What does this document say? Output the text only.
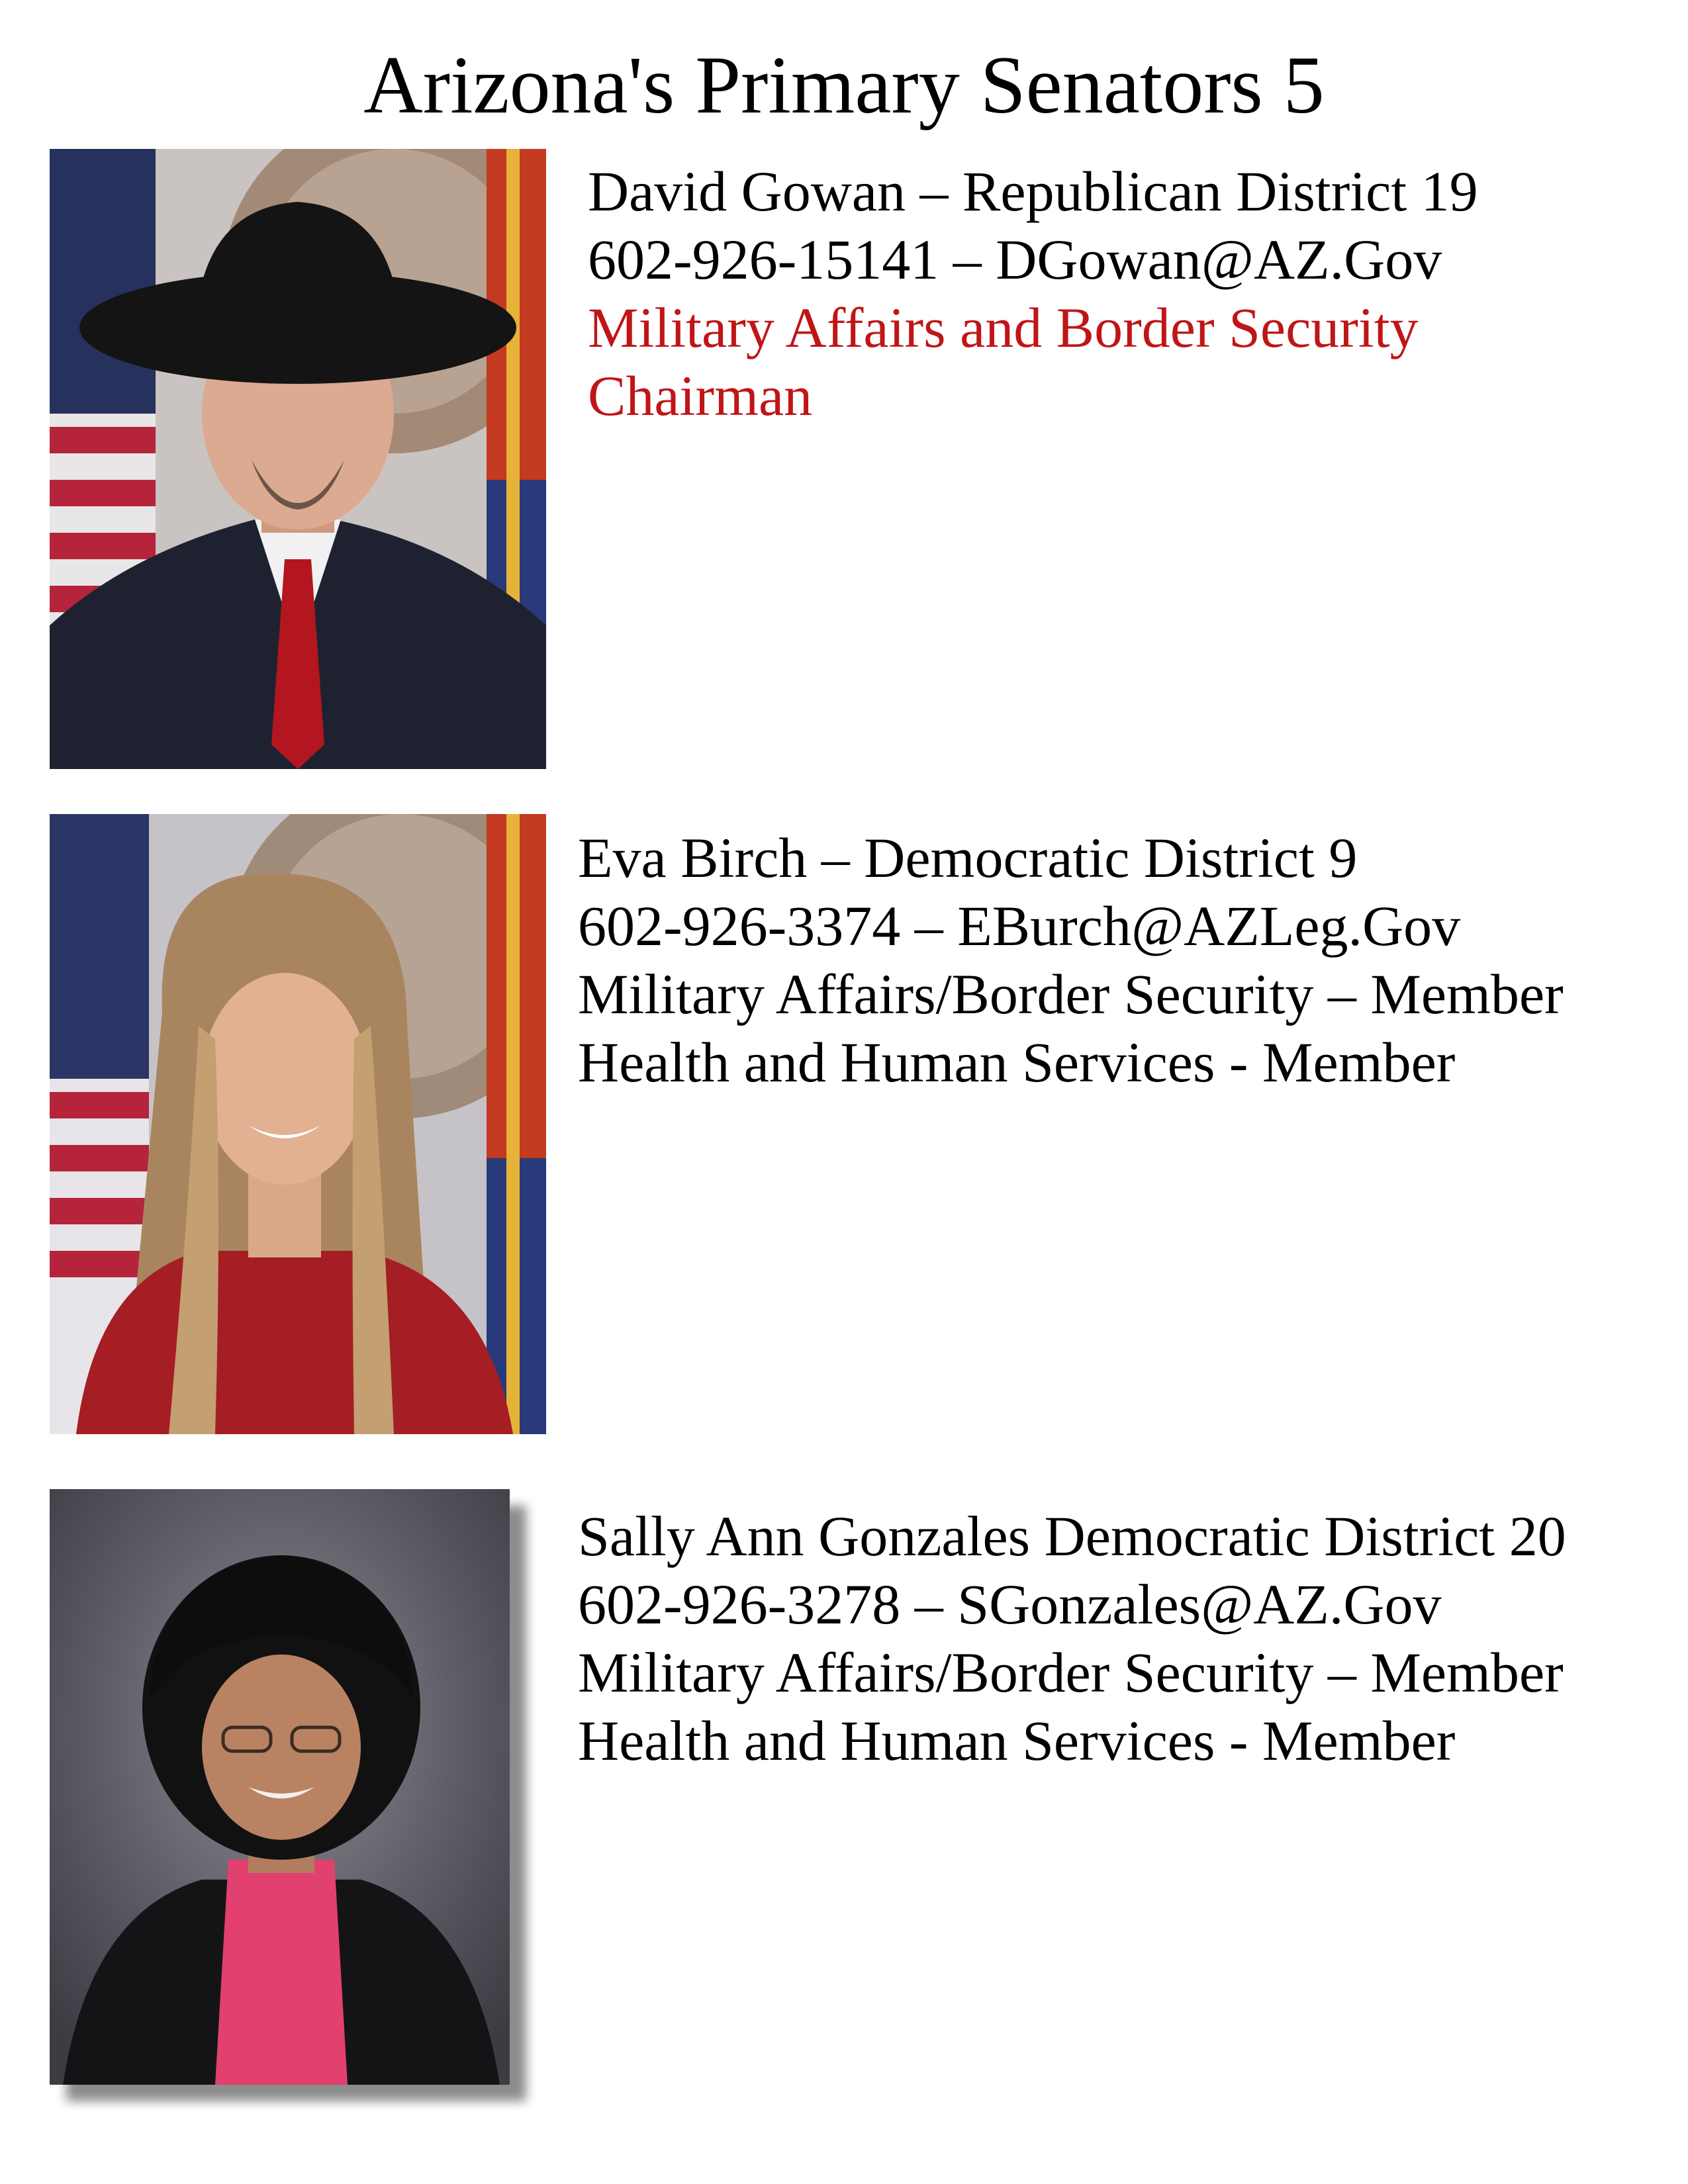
Arizona's Primary Senators 5
David Gowan – Republican District 19
602-926-15141 – DGowan@AZ.Gov
Military Affairs and Border Security
Chairman
Eva Birch – Democratic District 9
602-926-3374 – EBurch@AZLeg.Gov
Military Affairs/Border Security – Member
Health and Human Services - Member
Sally Ann Gonzales Democratic District 20
602-926-3278 – SGonzales@AZ.Gov
Military Affairs/Border Security – Member
Health and Human Services - Member
